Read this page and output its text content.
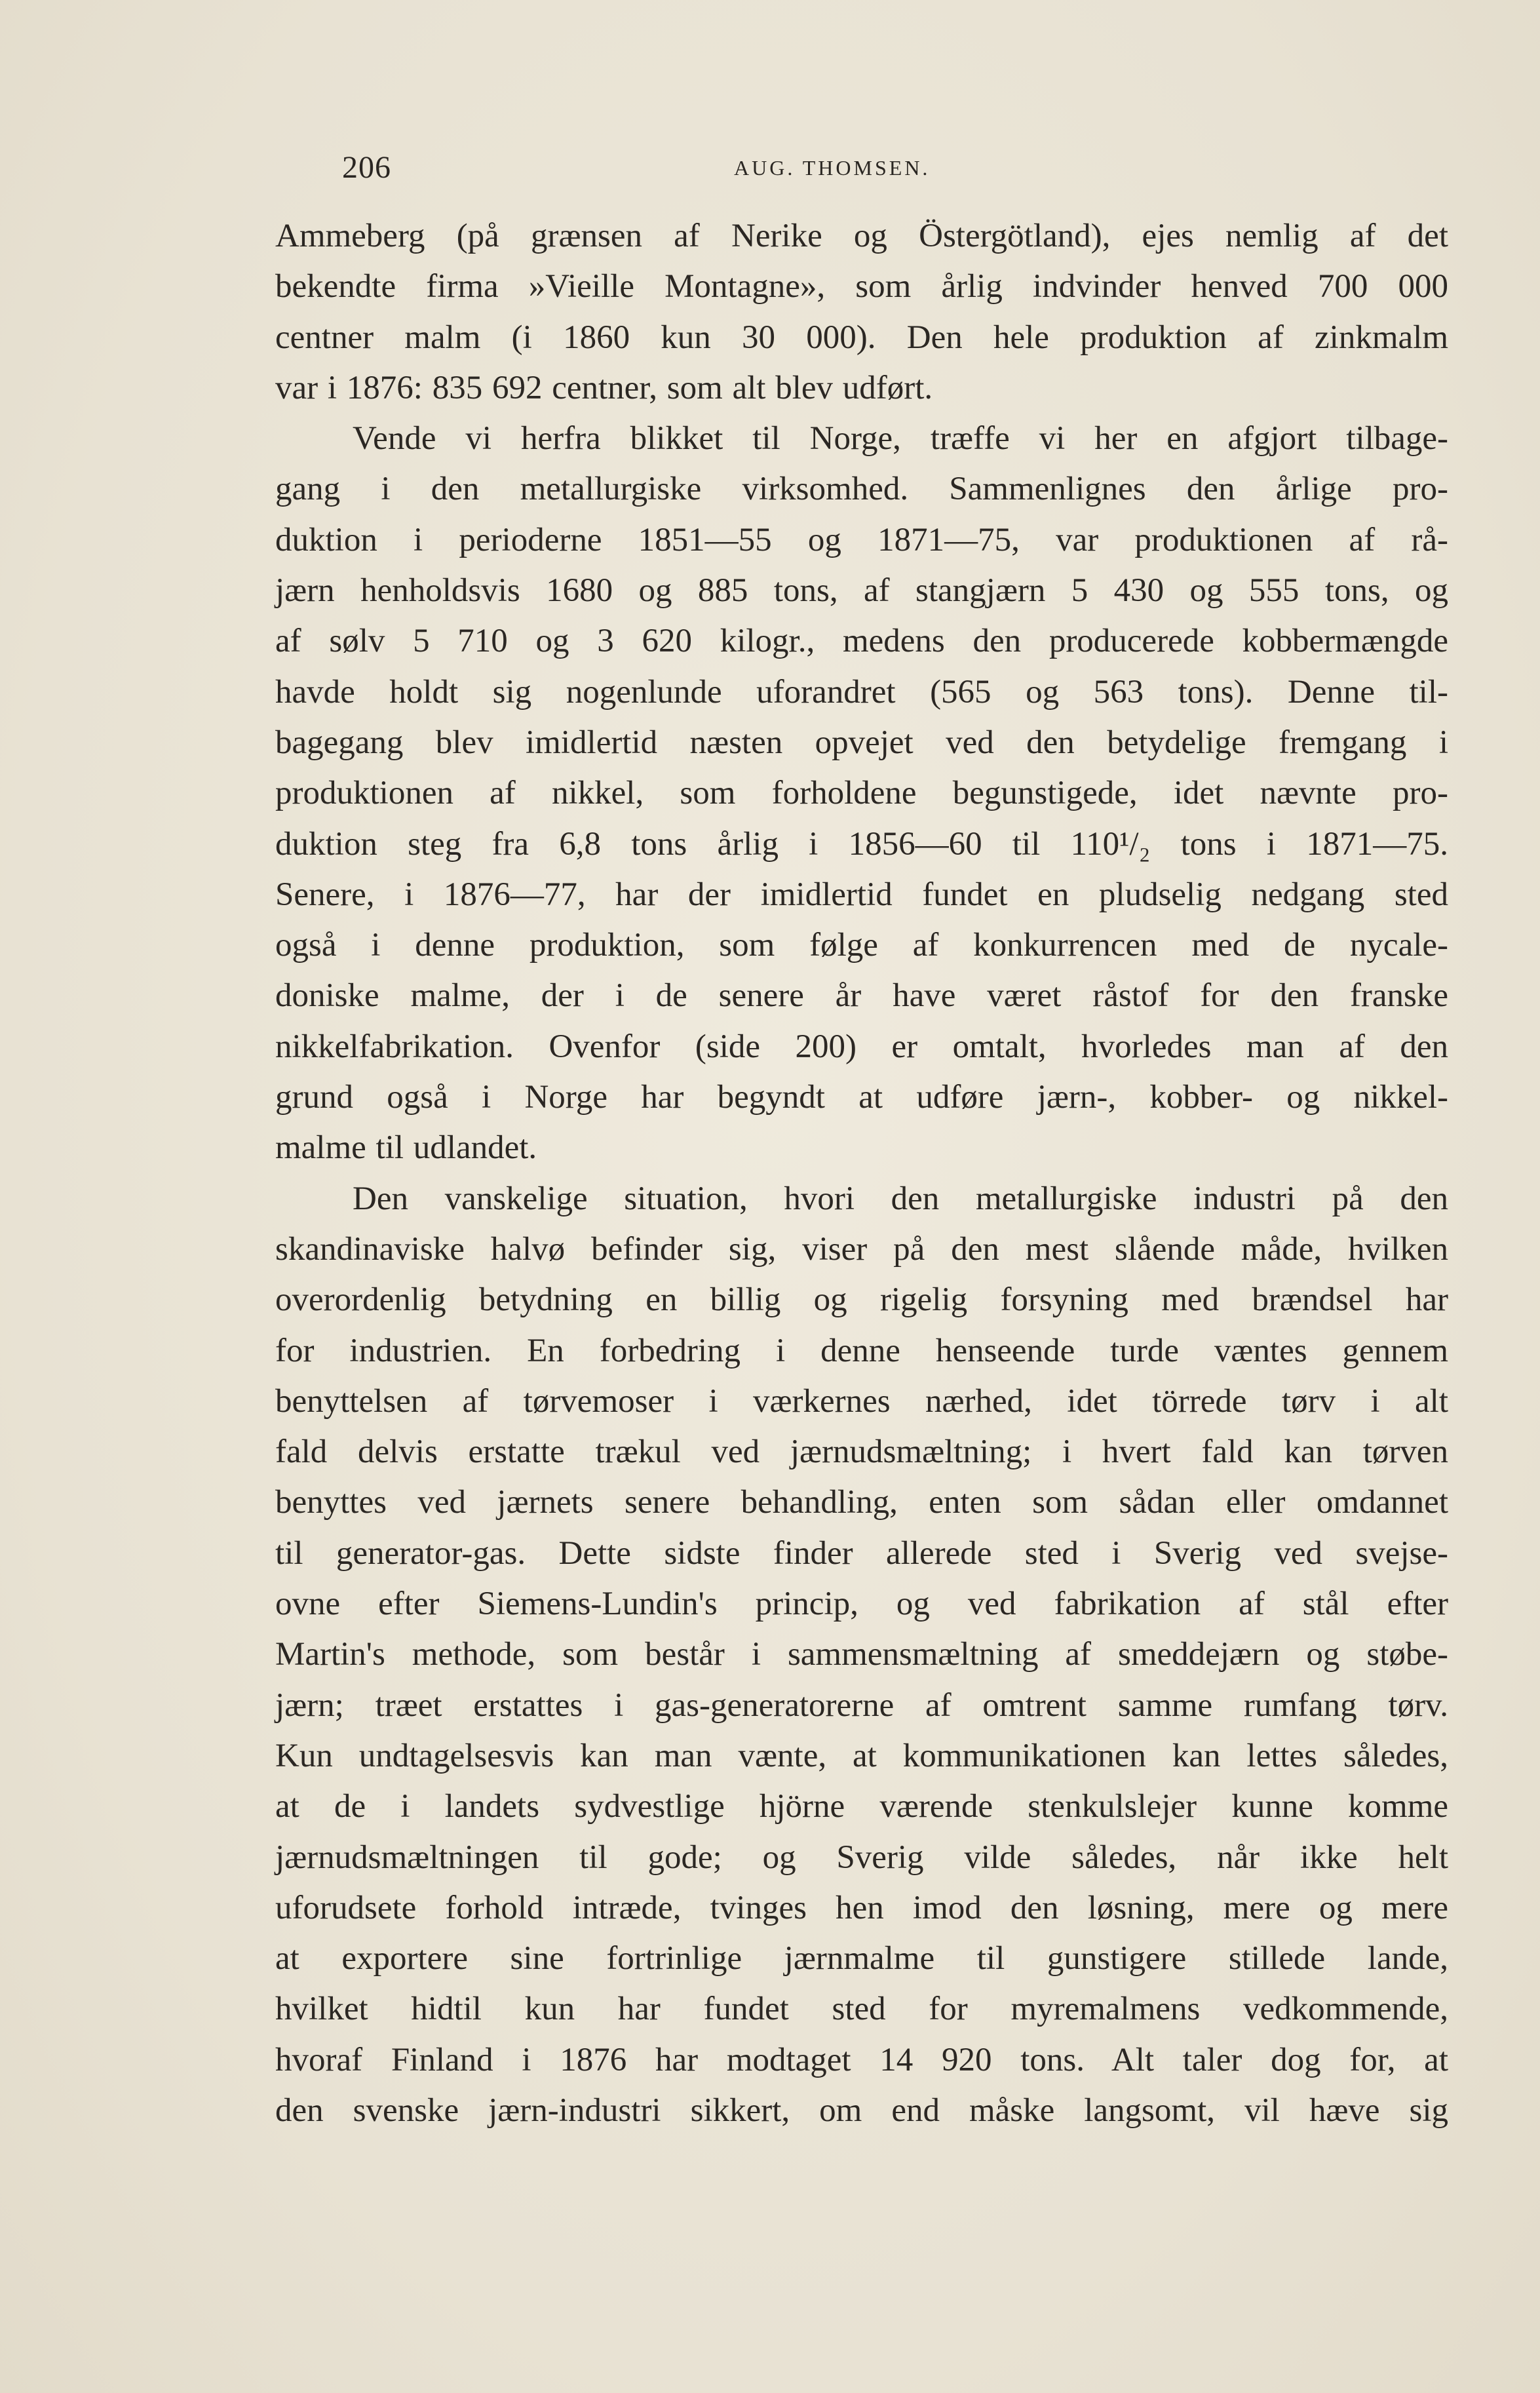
206	AUG. THOMSEN.

Ammeberg (på grænsen af Nerike og Östergötland), ejes nemlig af det
bekendte firma »Vieille Montagne», som årlig indvinder henved 700 000
centner malm (i 1860 kun 30 000). Den hele produktion af zinkmalm
var i 1876: 835 692 centner, som alt blev udført.

Vende vi herfra blikket til Norge, træffe vi her en afgjort tilbage-
gang i den metallurgiske virksomhed. Sammenlignes den årlige pro-
duktion i perioderne 1851—55 og 1871—75, var produktionen af rå-
jærn henholdsvis 1680 og 885 tons, af stangjærn 5 430 og 555 tons, og
af sølv 5 710 og 3 620 kilogr., medens den producerede kobbermængde
havde holdt sig nogenlunde uforandret (565 og 563 tons). Denne til-
bagegang blev imidlertid næsten opvejet ved den betydelige fremgang i
produktionen af nikkel, som forholdene begunstigede, idet nævnte pro-
duktion steg fra 6,8 tons årlig i 1856—60 til 110¹/₂ tons i 1871—75.
Senere, i 1876—77, har der imidlertid fundet en pludselig nedgang sted
også i denne produktion, som følge af konkurrencen med de nycale-
doniske malme, der i de senere år have været råstof for den franske
nikkelfabrikation. Ovenfor (side 200) er omtalt, hvorledes man af den
grund også i Norge har begyndt at udføre jærn-, kobber- og nikkel-
malme til udlandet.

Den vanskelige situation, hvori den metallurgiske industri på den
skandinaviske halvø befinder sig, viser på den mest slående måde, hvilken
overordenlig betydning en billig og rigelig forsyning med brændsel har
for industrien. En forbedring i denne henseende turde væntes gennem
benyttelsen af tørvemoser i værkernes nærhed, idet törrede tørv i alt
fald delvis erstatte trækul ved jærnudsmæltning; i hvert fald kan tørven
benyttes ved jærnets senere behandling, enten som sådan eller omdannet
til generator-gas. Dette sidste finder allerede sted i Sverig ved svejse-
ovne efter Siemens-Lundin's princip, og ved fabrikation af stål efter
Martin's methode, som består i sammensmæltning af smeddejærn og støbe-
jærn; træet erstattes i gas-generatorerne af omtrent samme rumfang tørv.
Kun undtagelsesvis kan man vænte, at kommunikationen kan lettes således,
at de i landets sydvestlige hjörne værende stenkulslejer kunne komme
jærnudsmæltningen til gode; og Sverig vilde således, når ikke helt
uforudsete forhold intræde, tvinges hen imod den løsning, mere og mere
at exportere sine fortrinlige jærnmalme til gunstigere stillede lande,
hvilket hidtil kun har fundet sted for myremalmens vedkommende,
hvoraf Finland i 1876 har modtaget 14 920 tons. Alt taler dog for, at
den svenske jærn-industri sikkert, om end måske langsomt, vil hæve sig
